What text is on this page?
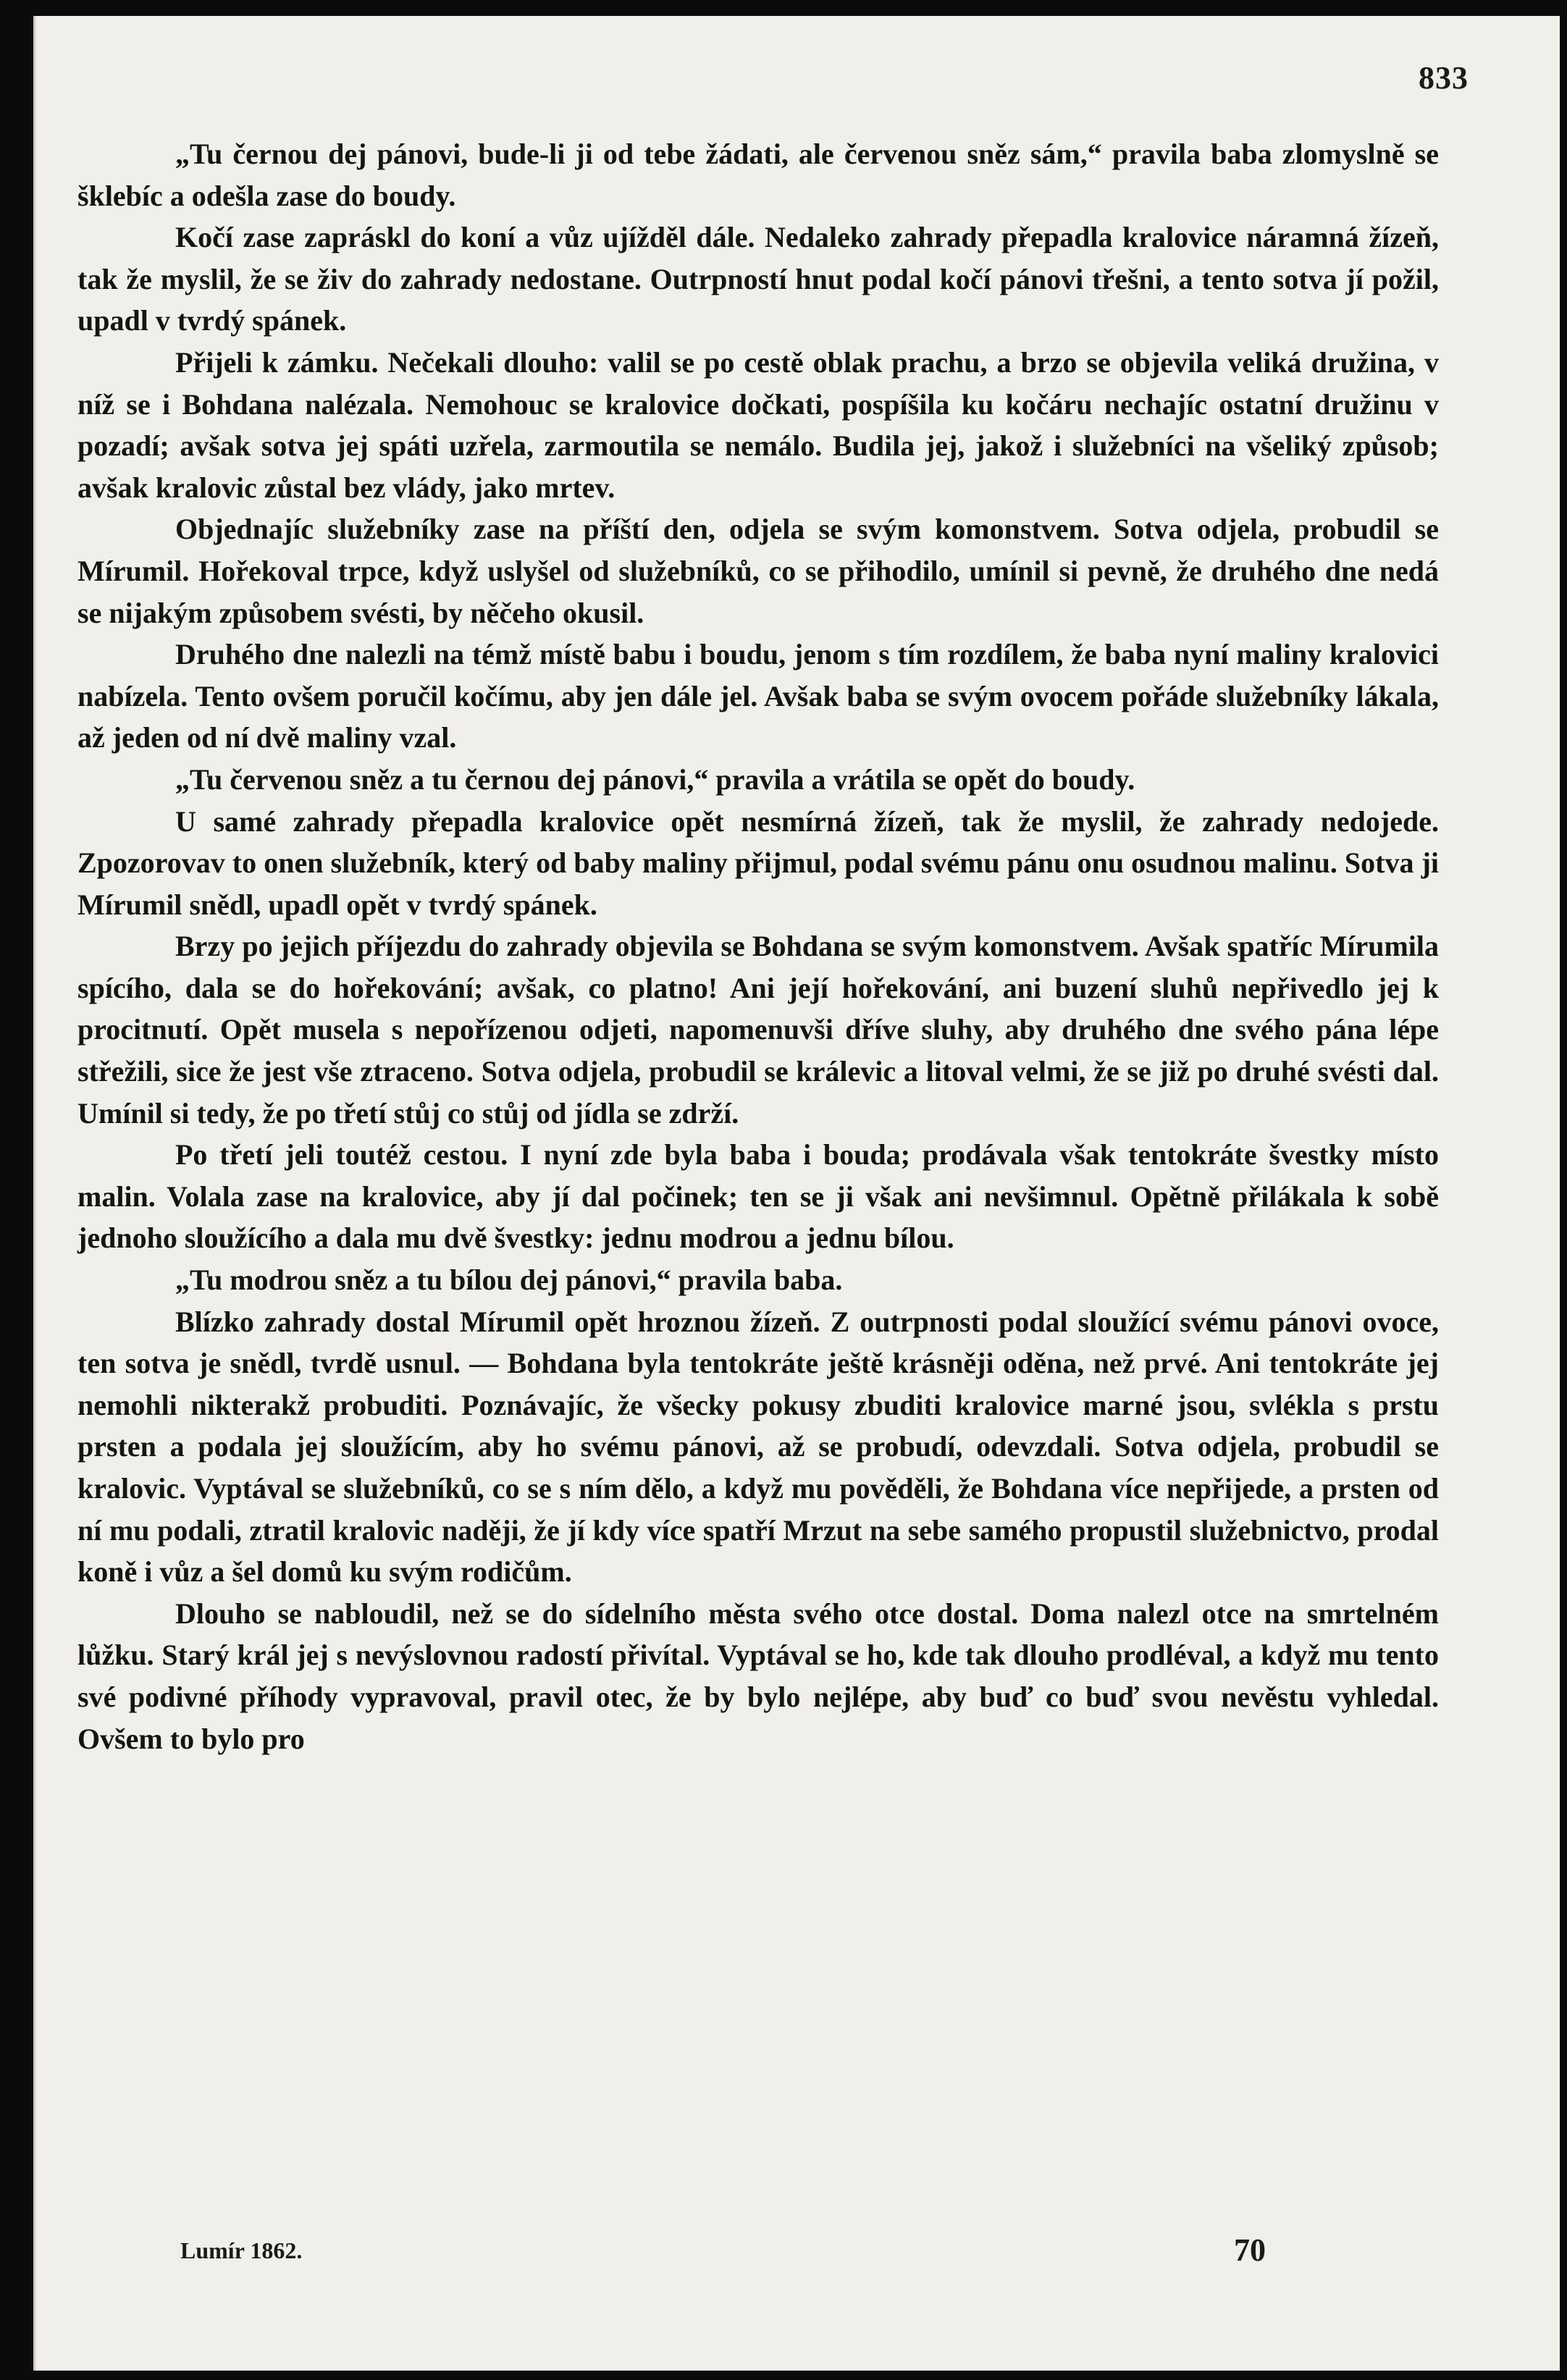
833

„Tu černou dej pánovi, bude-li ji od tebe žádati, ale červenou sněz sám,“ pravila baba zlomyslně se šklebíc a odešla zase do boudy.

Kočí zase zapráskl do koní a vůz ujížděl dále. Nedaleko zahrady přepadla kralovice náramná žízeň, tak že myslil, že se živ do zahrady nedostane. Outrpností hnut podal kočí pánovi třešni, a tento sotva jí požil, upadl v tvrdý spánek.

Přijeli k zámku. Nečekali dlouho: valil se po cestě oblak prachu, a brzo se objevila veliká družina, v níž se i Bohdana nalézala. Nemohouc se kralovice dočkati, pospíšila ku kočáru nechajíc ostatní družinu v pozadí; avšak sotva jej spáti uzřela, zarmoutila se nemálo. Budila jej, jakož i služebníci na všeliký způsob; avšak kralovic zůstal bez vlády, jako mrtev.

Objednajíc služebníky zase na příští den, odjela se svým komonstvem. Sotva odjela, probudil se Mírumil. Hořekoval trpce, když uslyšel od služebníků, co se přihodilo, umínil si pevně, že druhého dne nedá se nijakým způsobem svésti, by něčeho okusil.

Druhého dne nalezli na témž místě babu i boudu, jenom s tím rozdílem, že baba nyní maliny kralovici nabízela. Tento ovšem poručil kočímu, aby jen dále jel. Avšak baba se svým ovocem pořáde služebníky lákala, až jeden od ní dvě maliny vzal.

„Tu červenou sněz a tu černou dej pánovi,“ pravila a vrátila se opět do boudy.

U samé zahrady přepadla kralovice opět nesmírná žízeň, tak že myslil, že zahrady nedojede. Zpozorovav to onen služebník, který od baby maliny přijmul, podal svému pánu onu osudnou malinu. Sotva ji Mírumil snědl, upadl opět v tvrdý spánek.

Brzy po jejich příjezdu do zahrady objevila se Bohdana se svým komonstvem. Avšak spatříc Mírumila spícího, dala se do hořekování; avšak, co platno! Ani její hořekování, ani buzení sluhů nepřivedlo jej k procitnutí. Opět musela s nepořízenou odjeti, napomenuvši dříve sluhy, aby druhého dne svého pána lépe střežili, sice že jest vše ztraceno. Sotva odjela, probudil se králevic a litoval velmi, že se již po druhé svésti dal. Umínil si tedy, že po třetí stůj co stůj od jídla se zdrží.

Po třetí jeli toutéž cestou. I nyní zde byla baba i bouda; prodávala však tentokráte švestky místo malin. Volala zase na kralovice, aby jí dal počinek; ten se ji však ani nevšimnul. Opětně přilákala k sobě jednoho sloužícího a dala mu dvě švestky: jednu modrou a jednu bílou.

„Tu modrou sněz a tu bílou dej pánovi,“ pravila baba.

Blízko zahrady dostal Mírumil opět hroznou žízeň. Z outrpnosti podal sloužící svému pánovi ovoce, ten sotva je snědl, tvrdě usnul. — Bohdana byla tentokráte ještě krásněji oděna, než prvé. Ani tentokráte jej nemohli nikterakž probuditi. Poznávajíc, že všecky pokusy zbuditi kralovice marné jsou, svlékla s prstu prsten a podala jej sloužícím, aby ho svému pánovi, až se probudí, odevzdali. Sotva odjela, probudil se kralovic. Vyptával se služebníků, co se s ním dělo, a když mu pověděli, že Bohdana více nepřijede, a prsten od ní mu podali, ztratil kralovic naději, že jí kdy více spatří Mrzut na sebe samého propustil služebnictvo, prodal koně i vůz a šel domů ku svým rodičům.

Dlouho se nabloudil, než se do sídelního města svého otce dostal. Doma nalezl otce na smrtelném lůžku. Starý král jej s nevýslovnou radostí přivítal. Vyptával se ho, kde tak dlouho prodléval, a když mu tento své podivné příhody vypravoval, pravil otec, že by bylo nejlépe, aby buď co buď svou nevěstu vyhledal. Ovšem to bylo pro

Lumír 1862.	70
